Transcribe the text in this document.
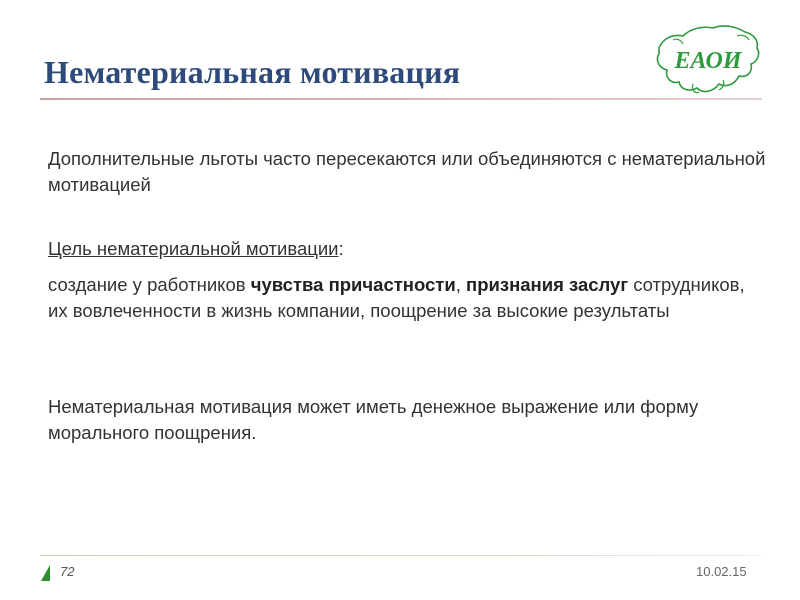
Нематериальная мотивация	ЕАОИ
Дополнительные льготы часто пересекаются или объединяются с нематериальной мотивацией
Цель нематериальной мотивации:
создание у работников чувства причастности, признания заслуг сотрудников, их вовлеченности в жизнь компании, поощрение за высокие результаты
Нематериальная мотивация может иметь денежное выражение или форму морального поощрения.
72	10.02.15
